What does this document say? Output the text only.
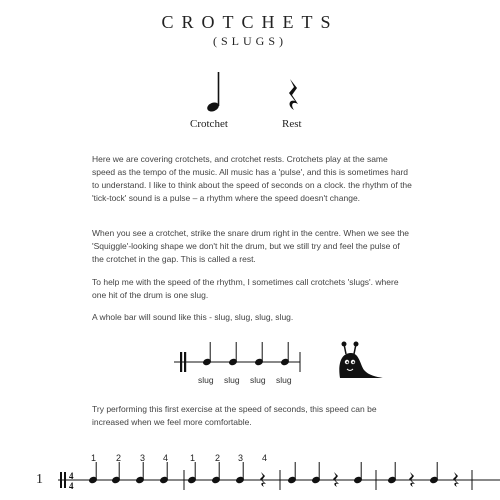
CROTCHETS
(SLUGS)
Crotchet	Rest

Here we are covering crotchets, and crotchet rests. Crotchets play at the same speed as the tempo of the music. All music has a 'pulse', and this is sometimes hard to understand. I like to think about the speed of seconds on a clock. the rhythm of the 'tick-tock' sound is a pulse – a rhythm where the speed doesn't change.

When you see a crotchet, strike the snare drum right in the centre. When we see the 'Squiggle'-looking shape we don't hit the drum, but we still try and feel the pulse of the crotchet in the gap. This is called a rest.

To help me with the speed of the rhythm, I sometimes call crotchets 'slugs'. where one hit of the drum is one slug.

A whole bar will sound like this - slug, slug, slug, slug.

slug slug slug slug

Try performing this first exercise at the speed of seconds, this speed can be increased when we feel more comfortable.

1
1 2 3 4 1 2 3 4
4
4
